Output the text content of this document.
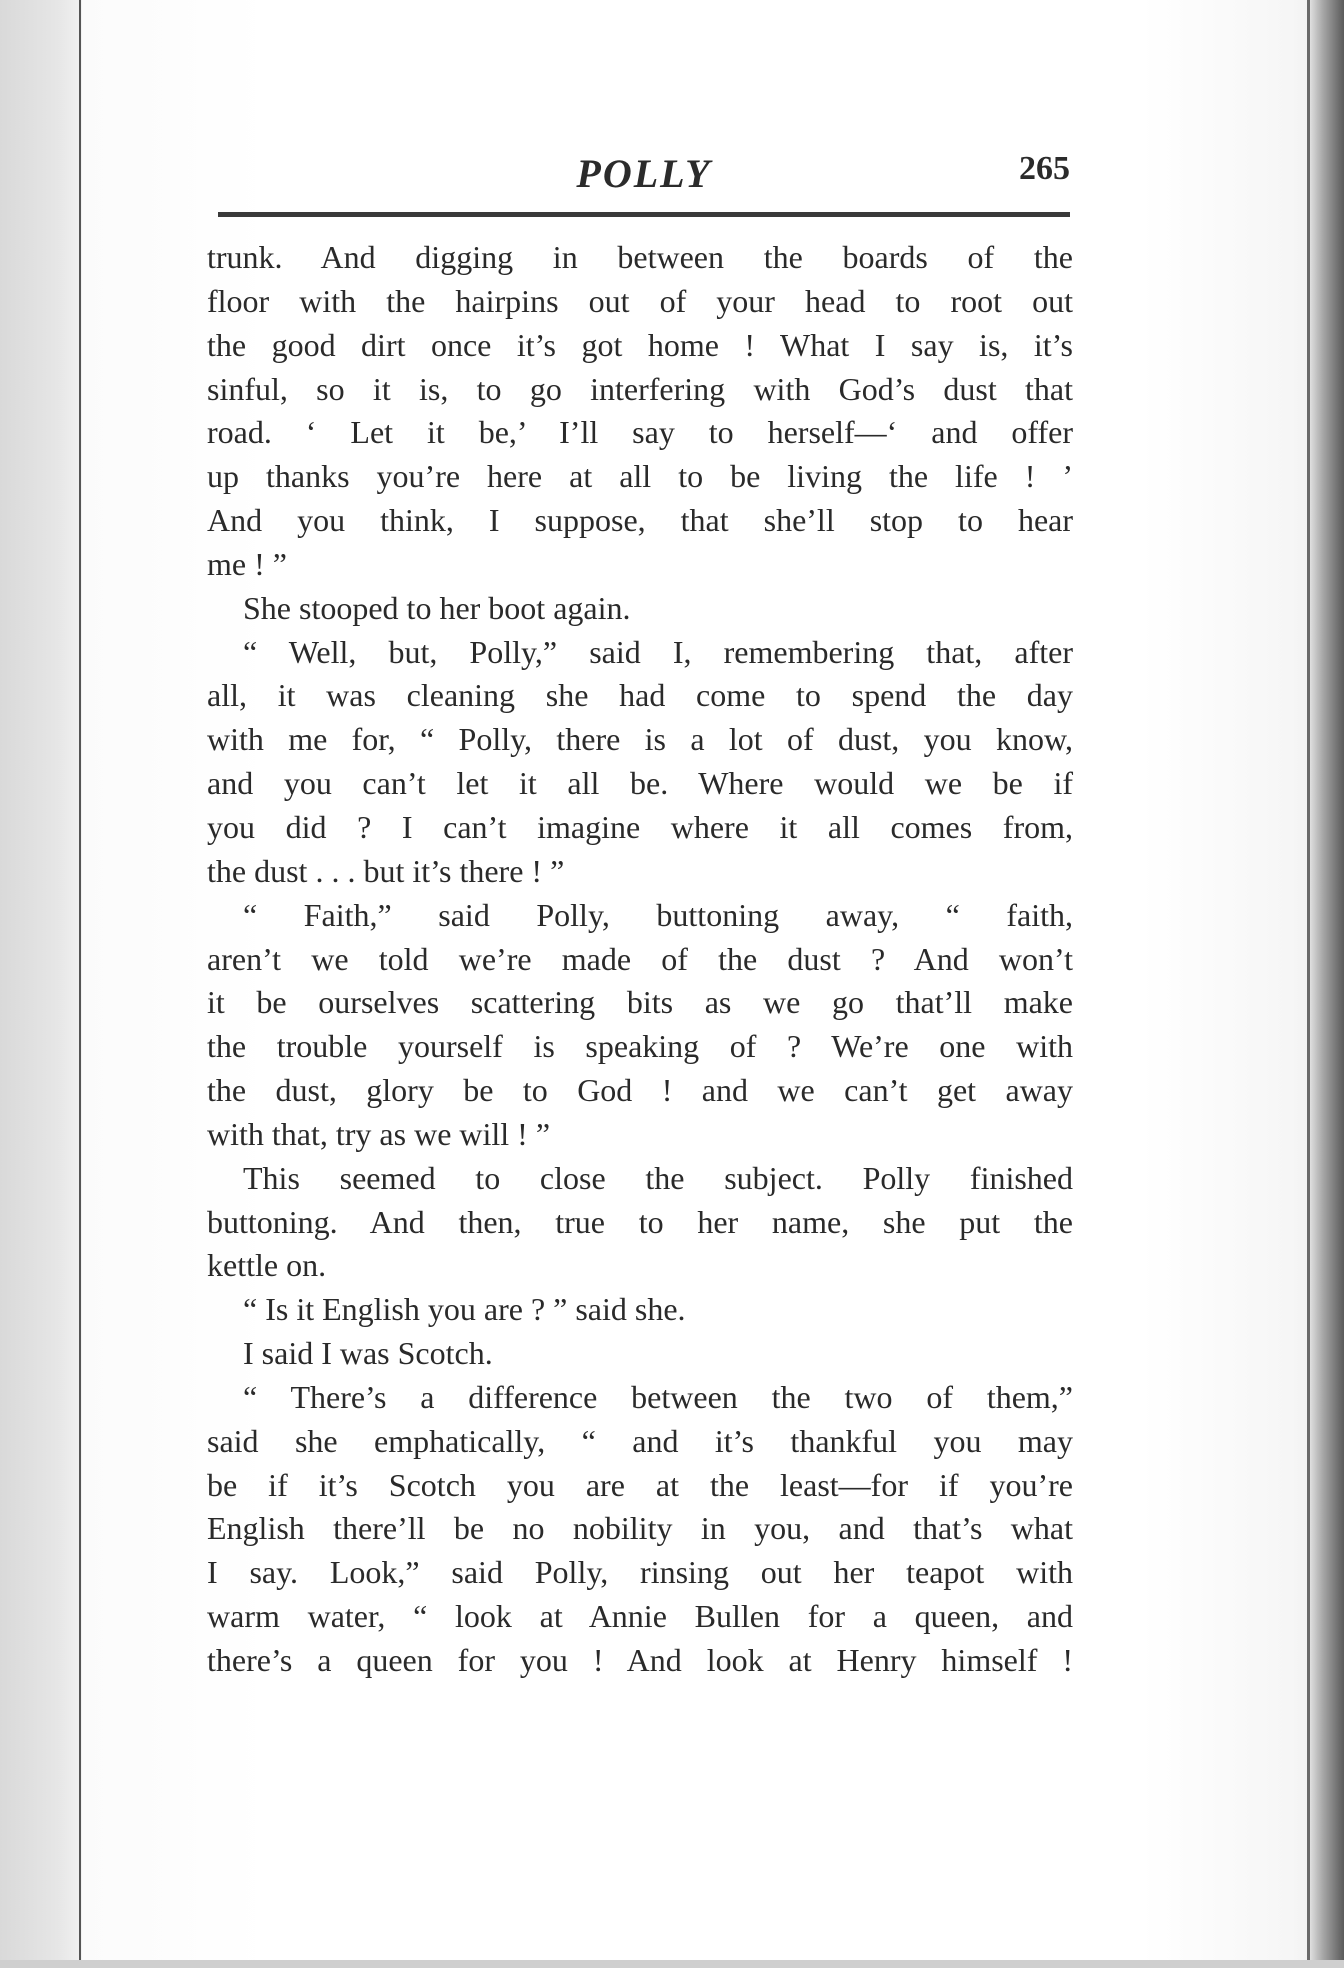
POLLY	265
trunk. And digging in between the boards of the
floor with the hairpins out of your head to root out
the good dirt once it’s got home ! What I say is, it’s
sinful, so it is, to go interfering with God’s dust that
road. ‘ Let it be,’ I’ll say to herself—‘ and offer
up thanks you’re here at all to be living the life ! ’
And you think, I suppose, that she’ll stop to hear
me ! ”
She stooped to her boot again.
“ Well, but, Polly,” said I, remembering that, after
all, it was cleaning she had come to spend the day
with me for, “ Polly, there is a lot of dust, you know,
and you can’t let it all be. Where would we be if
you did ? I can’t imagine where it all comes from,
the dust . . . but it’s there ! ”
“ Faith,” said Polly, buttoning away, “ faith,
aren’t we told we’re made of the dust ? And won’t
it be ourselves scattering bits as we go that’ll make
the trouble yourself is speaking of ? We’re one with
the dust, glory be to God ! and we can’t get away
with that, try as we will ! ”
This seemed to close the subject. Polly finished
buttoning. And then, true to her name, she put the
kettle on.
“ Is it English you are ? ” said she.
I said I was Scotch.
“ There’s a difference between the two of them,”
said she emphatically, “ and it’s thankful you may
be if it’s Scotch you are at the least—for if you’re
English there’ll be no nobility in you, and that’s what
I say. Look,” said Polly, rinsing out her teapot with
warm water, “ look at Annie Bullen for a queen, and
there’s a queen for you ! And look at Henry himself !
